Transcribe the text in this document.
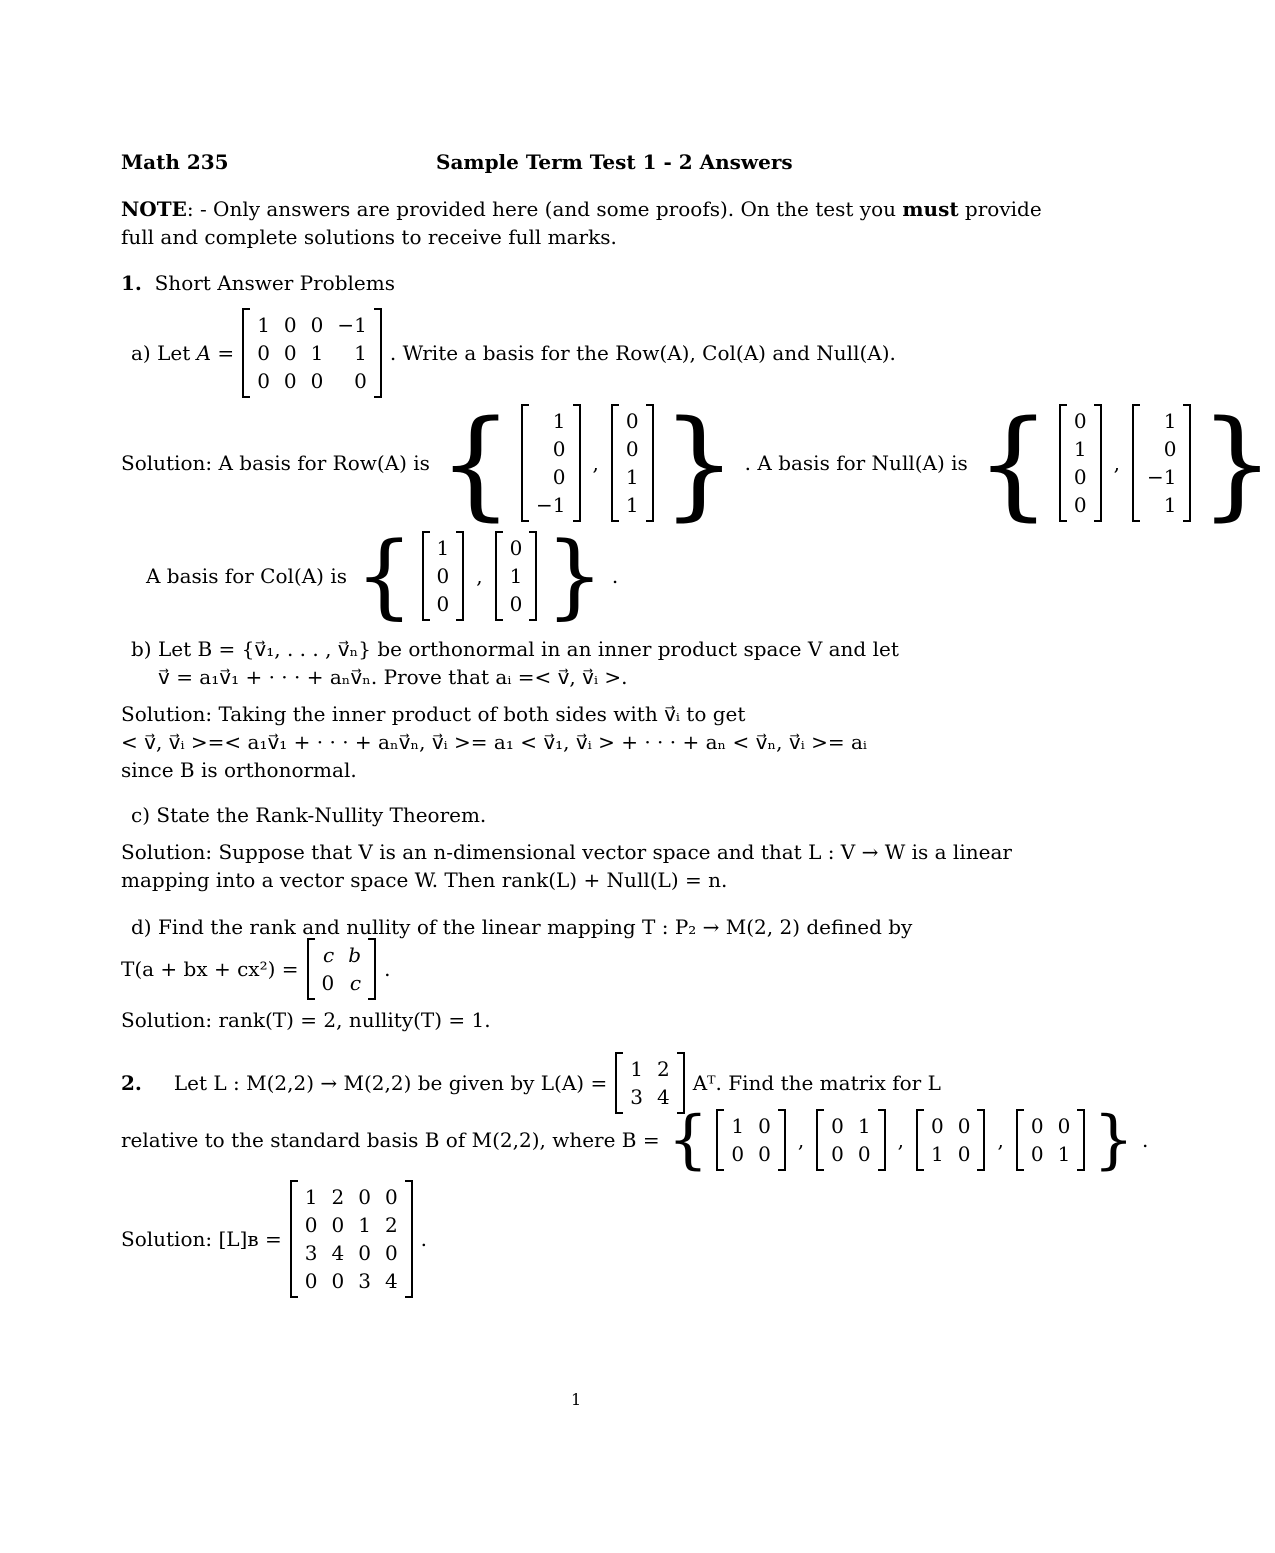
Math 235	Sample Term Test 1 - 2 Answers
NOTE: - Only answers are provided here (and some proofs). On the test you must provide
full and complete solutions to receive full marks.
1. Short Answer Problems
a) Let A =
1	0	0	−1
0	0	1	1
0	0	0	0
. Write a basis for the Row(A), Col(A) and Null(A).
Solution: A basis for Row(A) is { 1
0
0
−1
,
0
0
1
1 } . A basis for Null(A) is { 0
1
0
0
,
1
0
−1
1 }
A basis for Col(A) is { 1
0
0
,
0
1
0 } .
b) Let B = {v⃗₁, . . . , v⃗ₙ} be orthonormal in an inner product space V and let
v⃗ = a₁v⃗₁ + · · · + aₙv⃗ₙ. Prove that aᵢ =< v⃗, v⃗ᵢ >.
Solution: Taking the inner product of both sides with v⃗ᵢ to get
< v⃗, v⃗ᵢ >=< a₁v⃗₁ + · · · + aₙv⃗ₙ, v⃗ᵢ >= a₁ < v⃗₁, v⃗ᵢ > + · · · + aₙ < v⃗ₙ, v⃗ᵢ >= aᵢ
since B is orthonormal.
c) State the Rank-Nullity Theorem.
Solution: Suppose that V is an n-dimensional vector space and that L : V → W is a linear
mapping into a vector space W. Then rank(L) + Null(L) = n.
d) Find the rank and nullity of the linear mapping T : P₂ → M(2, 2) defined by
T(a + bx + cx²) =
c	b
0	c
.
Solution: rank(T) = 2, nullity(T) = 1.
2. Let L : M(2,2) → M(2,2) be given by L(A) =
1	2
3	4
Aᵀ. Find the matrix for L
relative to the standard basis B of M(2,2), where B = { 1	0
0	0
,
0	1
0	0
,
0	0
1	0
,
0	0
0	1 } .
Solution: [L]ʙ =
1	2	0	0
0	0	1	2
3	4	0	0
0	0	3	4
.
1
